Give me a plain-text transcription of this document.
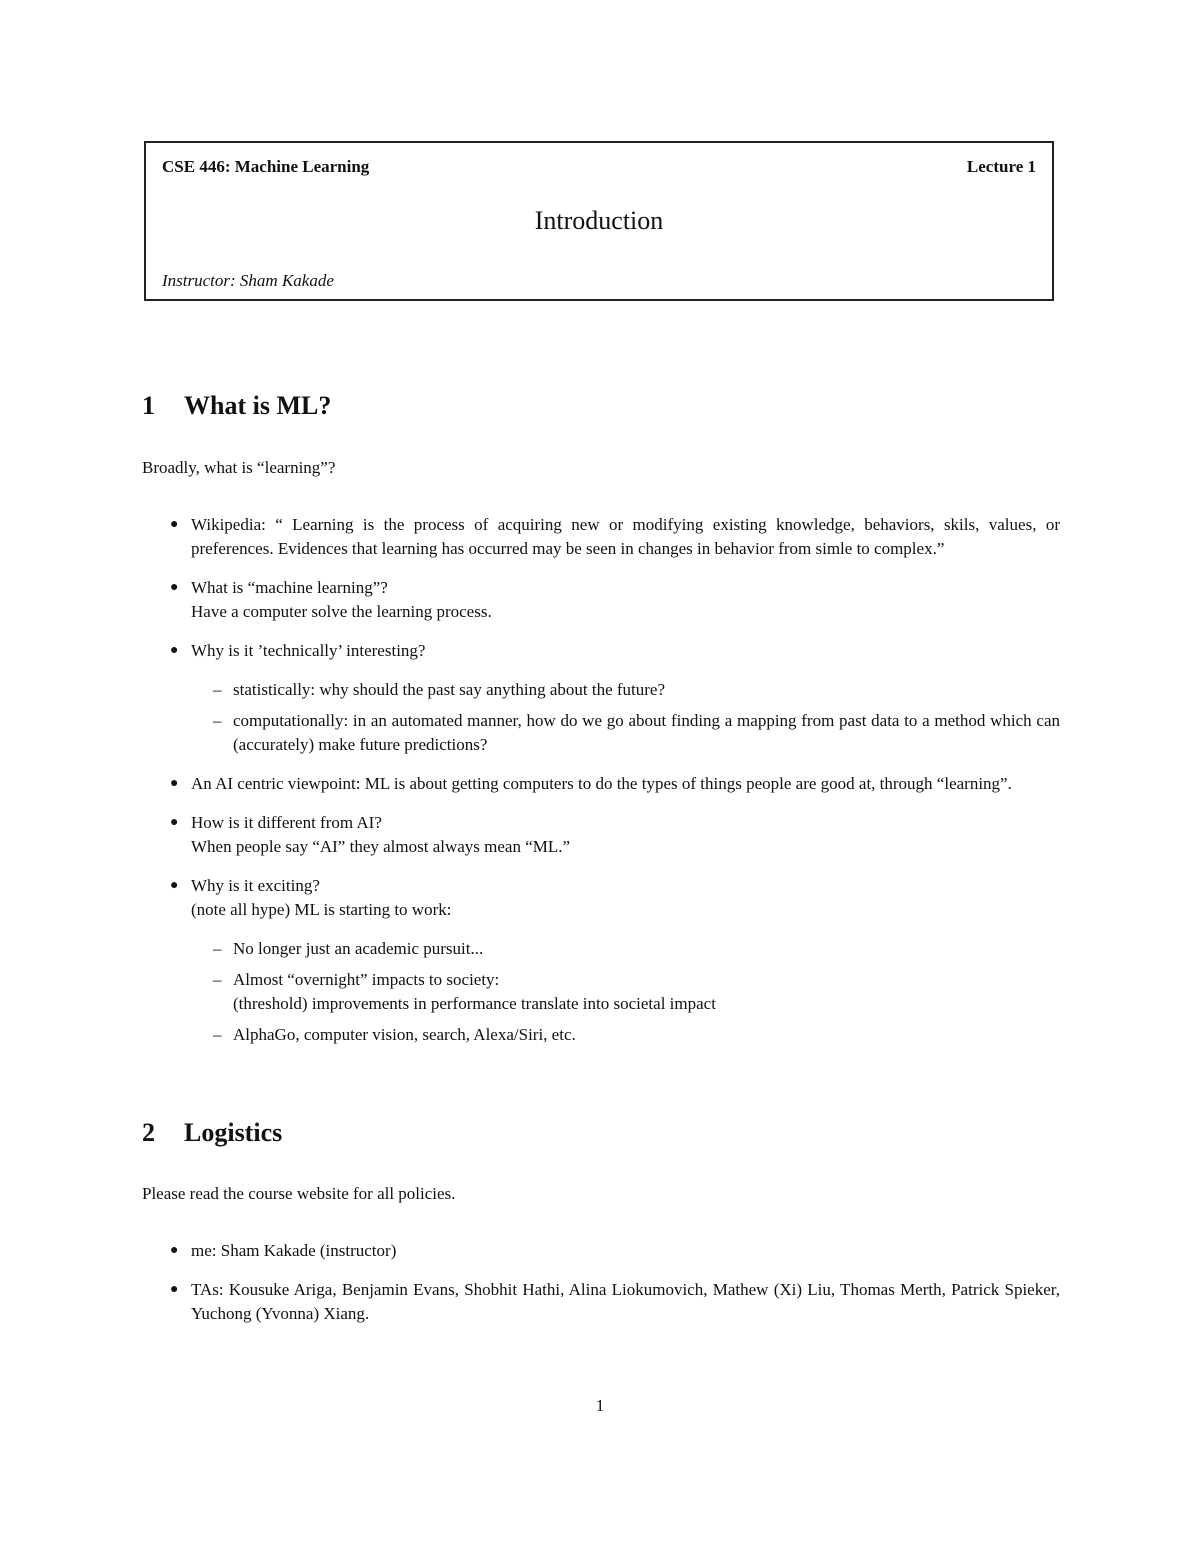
CSE 446: Machine Learning	Lecture 1
Introduction
Instructor: Sham Kakade
1 What is ML?
Broadly, what is “learning”?
● Wikipedia: “ Learning is the process of acquiring new or modifying existing knowledge, behaviors, skils, values, or preferences. Evidences that learning has occurred may be seen in changes in behavior from simle to complex.”
● What is “machine learning”?
Have a computer solve the learning process.
● Why is it ’technically’ interesting?
– statistically: why should the past say anything about the future?
– computationally: in an automated manner, how do we go about finding a mapping from past data to a method which can (accurately) make future predictions?
● An AI centric viewpoint: ML is about getting computers to do the types of things people are good at, through “learning”.
● How is it different from AI?
When people say “AI” they almost always mean “ML.”
● Why is it exciting?
(note all hype) ML is starting to work:
– No longer just an academic pursuit...
– Almost “overnight” impacts to society:
(threshold) improvements in performance translate into societal impact
– AlphaGo, computer vision, search, Alexa/Siri, etc.
2 Logistics
Please read the course website for all policies.
● me: Sham Kakade (instructor)
● TAs: Kousuke Ariga, Benjamin Evans, Shobhit Hathi, Alina Liokumovich, Mathew (Xi) Liu, Thomas Merth, Patrick Spieker, Yuchong (Yvonna) Xiang.
1
